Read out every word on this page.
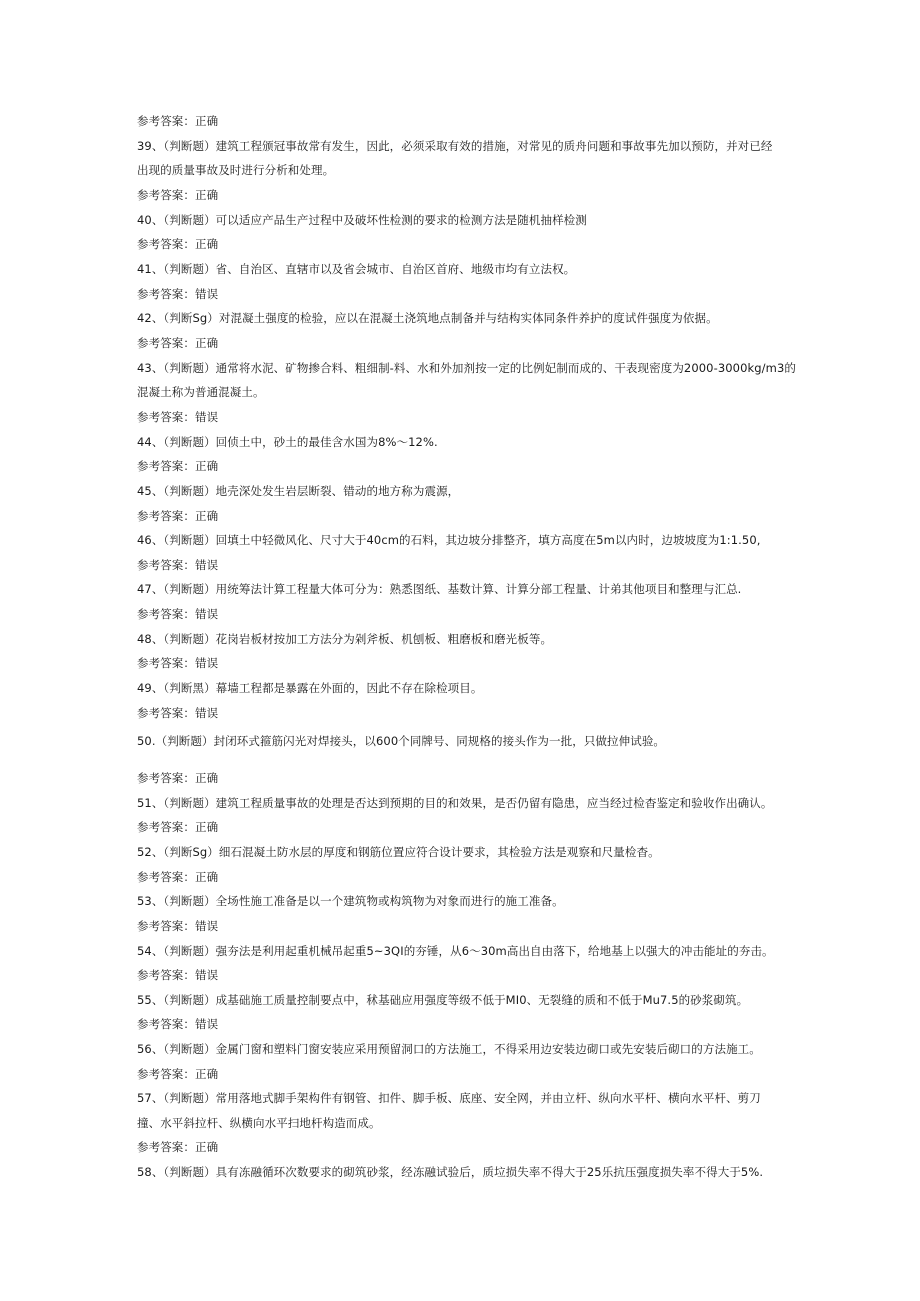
参考答案：正确
39、（判断题）建筑工程颁冠事故常有发生，因此，必须采取有效的措施，对常见的质舟问题和事故事先加以预防，并对已经
出现的质量事故及时进行分析和处理。
参考答案：正确
40、（判断题）可以适应产品生产过程中及破坏性检测的要求的检测方法是随机抽样检测
参考答案：正确
41、（判断题）省、自治区、直辖市以及省会城市、自治区首府、地级市均有立法权。
参考答案：错误
42、（判断Sg）对混凝土强度的检验，应以在混凝土浇筑地点制备并与结构实体同条件养护的度试件强度为依据。
参考答案：正确
43、（判断题）通常将水泥、矿物掺合料、粗细制-料、水和外加剂按一定的比例妃制而成的、干表现密度为2000-3000kg∕m3的
混凝土称为普通混凝土。
参考答案：错误
44、（判断题）回侦土中，砂土的最佳含水国为8%～12%.
参考答案：正确
45、（判断题）地壳深处发生岩层断裂、错动的地方称为震源，
参考答案：正确
46、（判断题）回填土中轻微风化、尺寸大于40cm的石料，其边坡分排整齐，填方高度在5m以内时，边坡坡度为1:1.50,
参考答案：错误
47、（判断题）用统筹法计算工程量大体可分为：熟悉图纸、基数计算、计算分部工程量、计弟其他项目和整理与汇总.
参考答案：错误
48、（判断题）花岗岩板材按加工方法分为剁斧板、机刨板、粗磨板和磨光板等。
参考答案：错误
49、（判断黑）幕墙工程都是暴露在外面的，因此不存在除检项目。
参考答案：错误
50.（判断题）封闭环式箍筋闪光对焊接头，以600个同牌号、同规格的接头作为一批，只做拉伸试验。
参考答案：正确
51、（判断题）建筑工程质量事故的处理是否达到预期的目的和效果，是否仍留有隐患，应当经过检杳鉴定和验收作出确认。
参考答案：正确
52、（判断Sg）细石混凝土防水层的厚度和钢筋位置应符合设计要求，其检验方法是观察和尺量检杳。
参考答案：正确
53、（判断题）全场性施工准备是以一个建筑物或构筑物为对象而进行的施工准备。
参考答案：错误
54、（判断题）强夯法是利用起重机械吊起重5~3QI的夯锤，从6～30m高出自由落下，给地基上以强大的冲击能址的夯击。
参考答案：错误
55、（判断题）成基础施工质量控制要点中，秫基础应用强度等级不低于MI0、无裂缝的质和不低于Mu7.5的砂浆砌筑。
参考答案：错误
56、（判断题）金属门窗和塑料门窗安装应采用预留洞口的方法施工，不得采用边安装边砌口或先安装后砌口的方法施工。
参考答案：正确
57、（判断题）常用落地式脚手架构件有钢管、扣件、脚手板、底座、安全网，并由立杆、纵向水平杆、横向水平杆、剪刀
撞、水平斜拉杆、纵横向水平扫地杆构造而成。
参考答案：正确
58、（判断题）具有冻融循环次数要求的砌筑砂浆，经冻融试验后，质垃损失率不得大于25乐抗压强度损失率不得大于5%.
